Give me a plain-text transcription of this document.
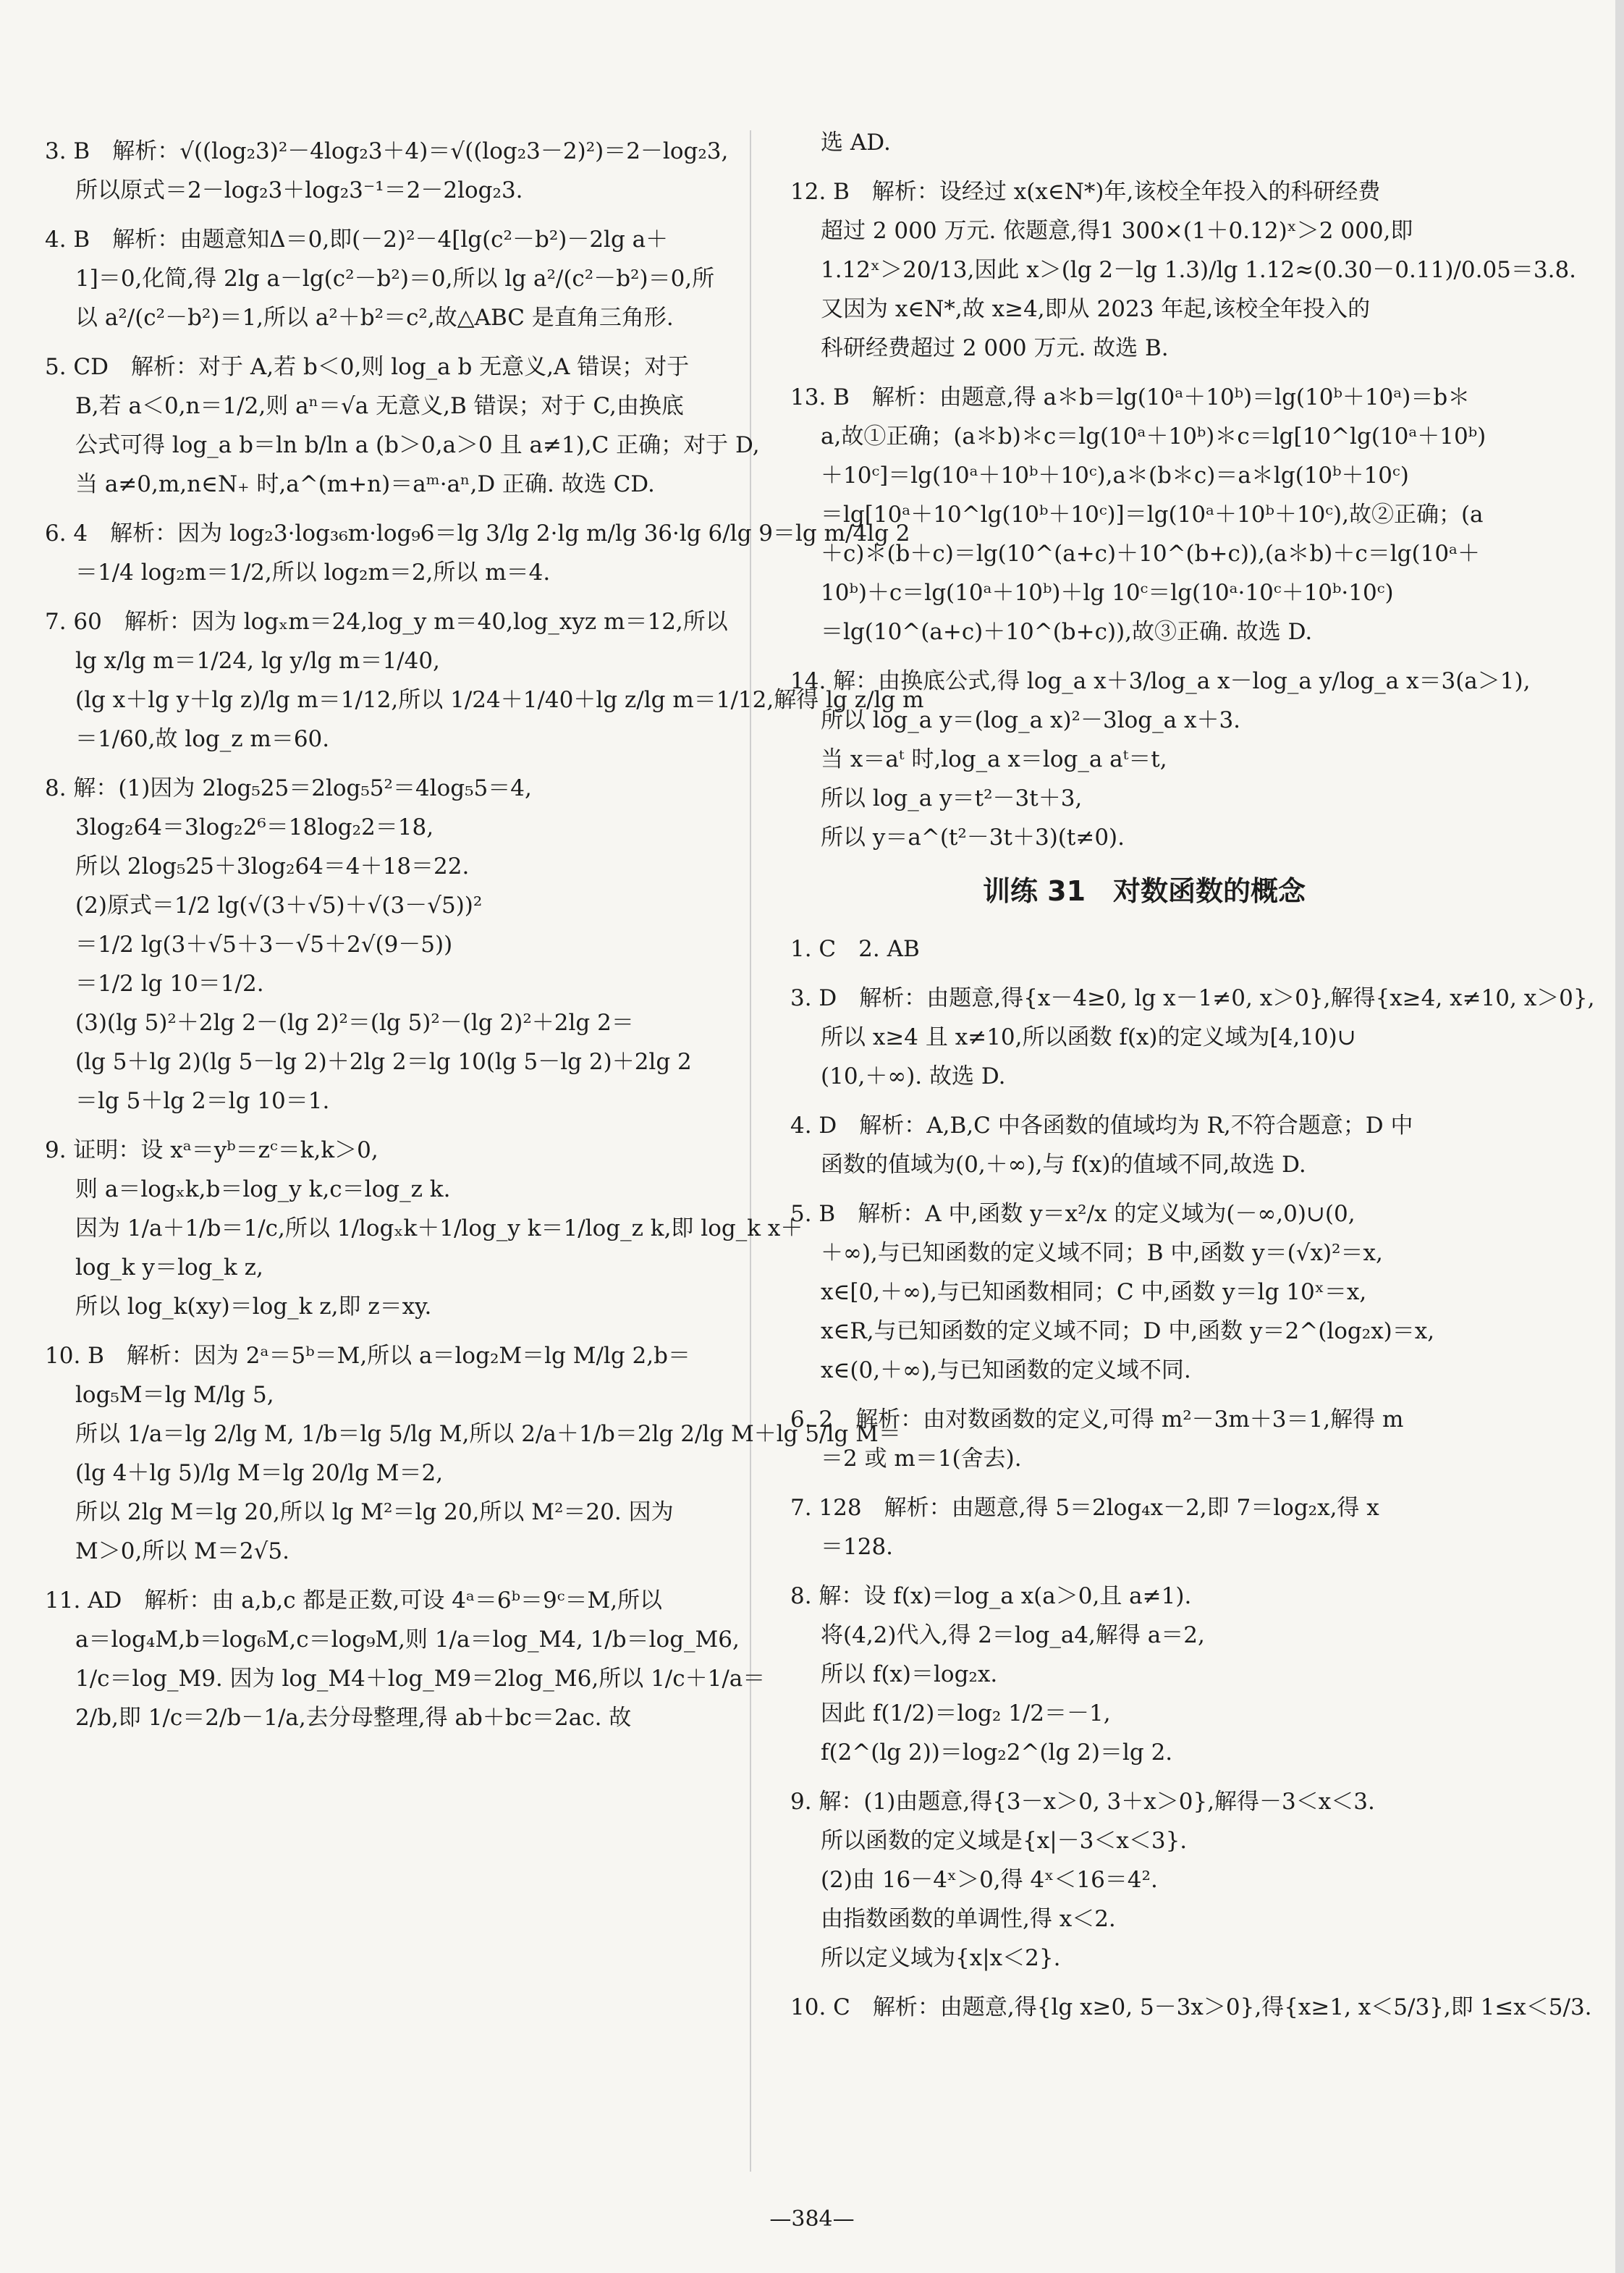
3. B　解析：√((log₂3)²－4log₂3＋4)＝√((log₂3－2)²)＝2－log₂3,
所以原式＝2－log₂3＋log₂3⁻¹＝2－2log₂3.
4. B　解析：由题意知Δ＝0,即(－2)²－4[lg(c²－b²)－2lg a＋
1]＝0,化简,得 2lg a－lg(c²－b²)＝0,所以 lg a²/(c²－b²)＝0,所
以 a²/(c²－b²)＝1,所以 a²＋b²＝c²,故△ABC 是直角三角形.
5. CD　解析：对于 A,若 b＜0,则 log_a b 无意义,A 错误；对于
B,若 a＜0,n＝1/2,则 aⁿ＝√a 无意义,B 错误；对于 C,由换底
公式可得 log_a b＝ln b/ln a (b＞0,a＞0 且 a≠1),C 正确；对于 D,
当 a≠0,m,n∈N₊ 时,a^(m+n)＝aᵐ·aⁿ,D 正确. 故选 CD.
6. 4　解析：因为 log₂3·log₃₆m·log₉6＝lg 3/lg 2·lg m/lg 36·lg 6/lg 9＝lg m/4lg 2
＝1/4 log₂m＝1/2,所以 log₂m＝2,所以 m＝4.
7. 60　解析：因为 logₓm＝24,log_y m＝40,log_xyz m＝12,所以
lg x/lg m＝1/24, lg y/lg m＝1/40,
(lg x＋lg y＋lg z)/lg m＝1/12,所以 1/24＋1/40＋lg z/lg m＝1/12,解得 lg z/lg m
＝1/60,故 log_z m＝60.
8. 解：(1)因为 2log₅25＝2log₅5²＝4log₅5＝4,
3log₂64＝3log₂2⁶＝18log₂2＝18,
所以 2log₅25＋3log₂64＝4＋18＝22.
(2)原式＝1/2 lg(√(3＋√5)＋√(3－√5))²
＝1/2 lg(3＋√5＋3－√5＋2√(9－5))
＝1/2 lg 10＝1/2.
(3)(lg 5)²＋2lg 2－(lg 2)²＝(lg 5)²－(lg 2)²＋2lg 2＝
(lg 5＋lg 2)(lg 5－lg 2)＋2lg 2＝lg 10(lg 5－lg 2)＋2lg 2
＝lg 5＋lg 2＝lg 10＝1.
9. 证明：设 xᵃ＝yᵇ＝zᶜ＝k,k＞0,
则 a＝logₓk,b＝log_y k,c＝log_z k.
因为 1/a＋1/b＝1/c,所以 1/logₓk＋1/log_y k＝1/log_z k,即 log_k x＋
log_k y＝log_k z,
所以 log_k(xy)＝log_k z,即 z＝xy.
10. B　解析：因为 2ᵃ＝5ᵇ＝M,所以 a＝log₂M＝lg M/lg 2,b＝
log₅M＝lg M/lg 5,
所以 1/a＝lg 2/lg M, 1/b＝lg 5/lg M,所以 2/a＋1/b＝2lg 2/lg M＋lg 5/lg M＝
(lg 4＋lg 5)/lg M＝lg 20/lg M＝2,
所以 2lg M＝lg 20,所以 lg M²＝lg 20,所以 M²＝20. 因为
M＞0,所以 M＝2√5.
11. AD　解析：由 a,b,c 都是正数,可设 4ᵃ＝6ᵇ＝9ᶜ＝M,所以
a＝log₄M,b＝log₆M,c＝log₉M,则 1/a＝log_M4, 1/b＝log_M6,
1/c＝log_M9. 因为 log_M4＋log_M9＝2log_M6,所以 1/c＋1/a＝
2/b,即 1/c＝2/b－1/a,去分母整理,得 ab＋bc＝2ac. 故
选 AD.
12. B　解析：设经过 x(x∈N*)年,该校全年投入的科研经费
超过 2 000 万元. 依题意,得1 300×(1＋0.12)ˣ＞2 000,即
1.12ˣ＞20/13,因此 x＞(lg 2－lg 1.3)/lg 1.12≈(0.30－0.11)/0.05＝3.8.
又因为 x∈N*,故 x≥4,即从 2023 年起,该校全年投入的
科研经费超过 2 000 万元. 故选 B.
13. B　解析：由题意,得 a＊b＝lg(10ᵃ＋10ᵇ)＝lg(10ᵇ＋10ᵃ)＝b＊
a,故①正确；(a＊b)＊c＝lg(10ᵃ＋10ᵇ)＊c＝lg[10^lg(10ᵃ＋10ᵇ)
＋10ᶜ]＝lg(10ᵃ＋10ᵇ＋10ᶜ),a＊(b＊c)＝a＊lg(10ᵇ＋10ᶜ)
＝lg[10ᵃ＋10^lg(10ᵇ＋10ᶜ)]＝lg(10ᵃ＋10ᵇ＋10ᶜ),故②正确；(a
＋c)＊(b＋c)＝lg(10^(a+c)＋10^(b+c)),(a＊b)＋c＝lg(10ᵃ＋
10ᵇ)＋c＝lg(10ᵃ＋10ᵇ)＋lg 10ᶜ＝lg(10ᵃ·10ᶜ＋10ᵇ·10ᶜ)
＝lg(10^(a+c)＋10^(b+c)),故③正确. 故选 D.
14. 解：由换底公式,得 log_a x＋3/log_a x－log_a y/log_a x＝3(a＞1),
所以 log_a y＝(log_a x)²－3log_a x＋3.
当 x＝aᵗ 时,log_a x＝log_a aᵗ＝t,
所以 log_a y＝t²－3t＋3,
所以 y＝a^(t²－3t＋3)(t≠0).
训练 31　对数函数的概念
1. C　2. AB
3. D　解析：由题意,得{x－4≥0, lg x－1≠0, x＞0},解得{x≥4, x≠10, x＞0},
所以 x≥4 且 x≠10,所以函数 f(x)的定义域为[4,10)∪
(10,＋∞). 故选 D.
4. D　解析：A,B,C 中各函数的值域均为 R,不符合题意；D 中
函数的值域为(0,＋∞),与 f(x)的值域不同,故选 D.
5. B　解析：A 中,函数 y＝x²/x 的定义域为(－∞,0)∪(0,
＋∞),与已知函数的定义域不同；B 中,函数 y＝(√x)²＝x,
x∈[0,＋∞),与已知函数相同；C 中,函数 y＝lg 10ˣ＝x,
x∈R,与已知函数的定义域不同；D 中,函数 y＝2^(log₂x)＝x,
x∈(0,＋∞),与已知函数的定义域不同.
6. 2　解析：由对数函数的定义,可得 m²－3m＋3＝1,解得 m
＝2 或 m＝1(舍去).
7. 128　解析：由题意,得 5＝2log₄x－2,即 7＝log₂x,得 x
＝128.
8. 解：设 f(x)＝log_a x(a＞0,且 a≠1).
将(4,2)代入,得 2＝log_a4,解得 a＝2,
所以 f(x)＝log₂x.
因此 f(1/2)＝log₂ 1/2＝－1,
f(2^(lg 2))＝log₂2^(lg 2)＝lg 2.
9. 解：(1)由题意,得{3－x＞0, 3＋x＞0},解得－3＜x＜3.
所以函数的定义域是{x|－3＜x＜3}.
(2)由 16－4ˣ＞0,得 4ˣ＜16＝4².
由指数函数的单调性,得 x＜2.
所以定义域为{x|x＜2}.
10. C　解析：由题意,得{lg x≥0, 5－3x＞0},得{x≥1, x＜5/3},即 1≤x＜5/3.
—384—
